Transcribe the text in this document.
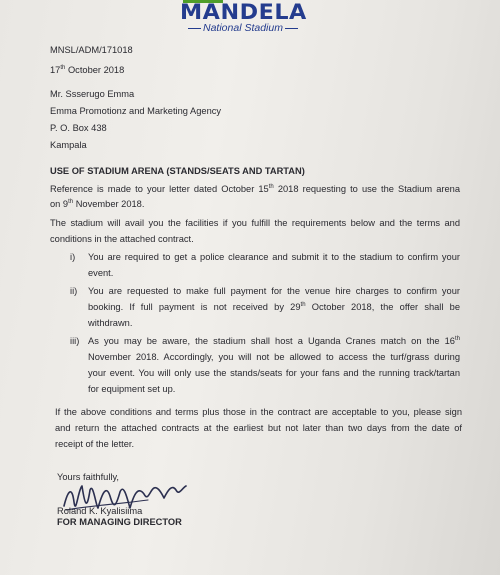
MANDELA
National Stadium
MNSL/ADM/171018
17th October 2018
Mr. Ssserugo Emma
Emma Promotionz and Marketing Agency
P. O. Box 438
Kampala
USE OF STADIUM ARENA (STANDS/SEATS AND TARTAN)
Reference is made to your letter dated October 15th 2018 requesting to use the Stadium arena
on 9th November 2018.
The stadium will avail you the facilities if you fulfill the requirements below and the terms and
conditions in the attached contract.
i) You are required to get a police clearance and submit it to the stadium to confirm your
event.
ii) You are requested to make full payment for the venue hire charges to confirm your
booking. If full payment is not received by 29th October 2018, the offer shall be
withdrawn.
iii) As you may be aware, the stadium shall host a Uganda Cranes match on the 16th
November 2018. Accordingly, you will not be allowed to access the turf/grass during
your event. You will only use the stands/seats for your fans and the running track/tartan
for equipment set up.
If the above conditions and terms plus those in the contract are acceptable to you, please sign
and return the attached contracts at the earliest but not later than two days from the date of
receipt of the letter.
Yours faithfully,
Roland K. Kyalisiima
FOR MANAGING DIRECTOR
